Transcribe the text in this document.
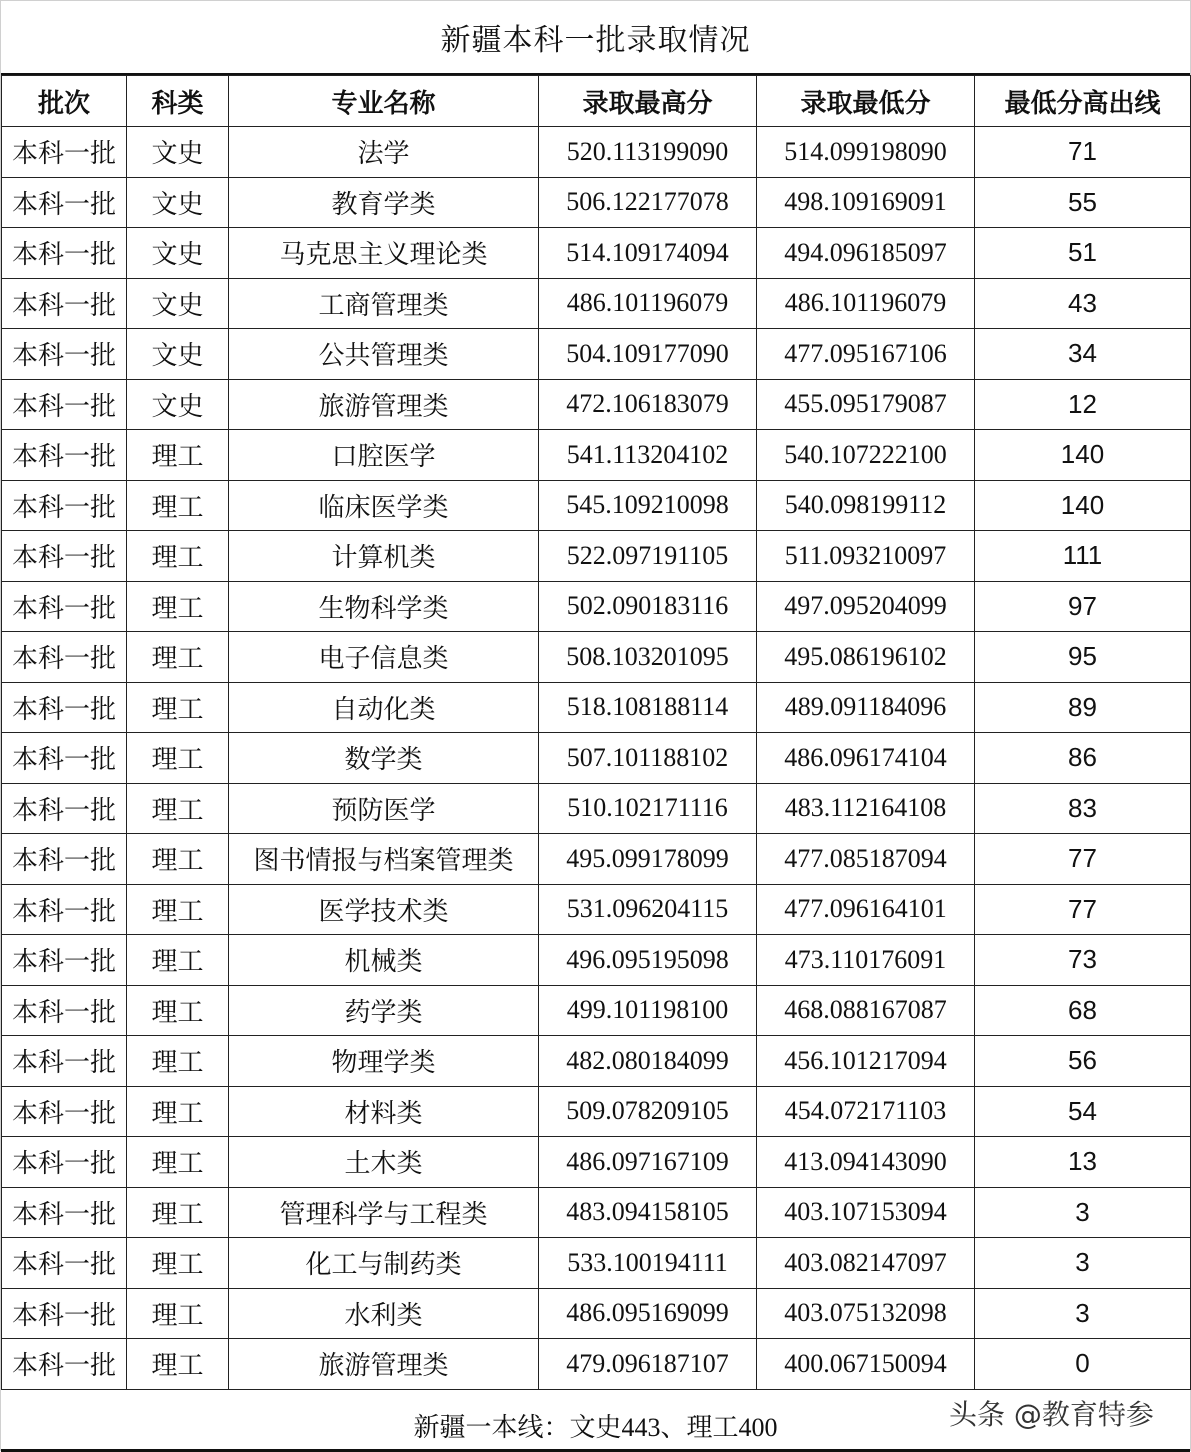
新疆本科一批录取情况
批次	科类	专业名称	录取最高分	录取最低分	最低分高出线
本科一批	文史	法学	520.113199090	514.099198090	71
本科一批	文史	教育学类	506.122177078	498.109169091	55
本科一批	文史	马克思主义理论类	514.109174094	494.096185097	51
本科一批	文史	工商管理类	486.101196079	486.101196079	43
本科一批	文史	公共管理类	504.109177090	477.095167106	34
本科一批	文史	旅游管理类	472.106183079	455.095179087	12
本科一批	理工	口腔医学	541.113204102	540.107222100	140
本科一批	理工	临床医学类	545.109210098	540.098199112	140
本科一批	理工	计算机类	522.097191105	511.093210097	111
本科一批	理工	生物科学类	502.090183116	497.095204099	97
本科一批	理工	电子信息类	508.103201095	495.086196102	95
本科一批	理工	自动化类	518.108188114	489.091184096	89
本科一批	理工	数学类	507.101188102	486.096174104	86
本科一批	理工	预防医学	510.102171116	483.112164108	83
本科一批	理工	图书情报与档案管理类	495.099178099	477.085187094	77
本科一批	理工	医学技术类	531.096204115	477.096164101	77
本科一批	理工	机械类	496.095195098	473.110176091	73
本科一批	理工	药学类	499.101198100	468.088167087	68
本科一批	理工	物理学类	482.080184099	456.101217094	56
本科一批	理工	材料类	509.078209105	454.072171103	54
本科一批	理工	土木类	486.097167109	413.094143090	13
本科一批	理工	管理科学与工程类	483.094158105	403.107153094	3
本科一批	理工	化工与制药类	533.100194111	403.082147097	3
本科一批	理工	水利类	486.095169099	403.075132098	3
本科一批	理工	旅游管理类	479.096187107	400.067150094	0
新疆一本线：文史443、理工400	头条 @教育特参
